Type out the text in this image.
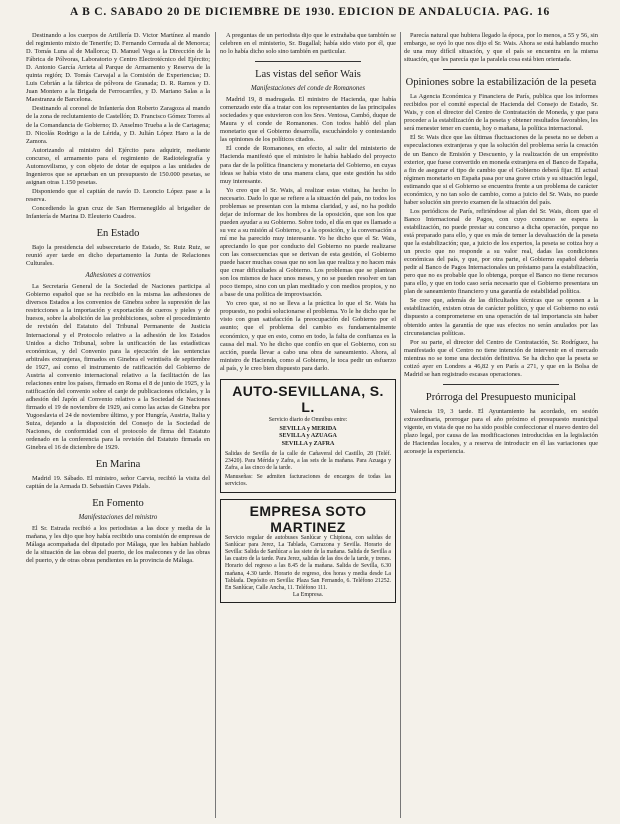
A B C. SABADO 20 DE DICIEMBRE DE 1930. EDICION DE ANDALUCIA. PAG. 16

Destinando a los cuerpos de Artillería D. Victor Martínez al mando del regimiento mixto de Tenerife; D. Fernando Cernuda al de Menorca; D. Tomás Luna al de Mallorca; D. Manuel Vega a la Dirección de la Fábrica de Pólvoras, Laboratorio y Centro Electrotécnico del Ejército; D. Antonio García Arrieta al Parque de Armamento y Reserva de la quinta región; D. Tomás Carvajal a la Comisión de Experiencias; D. Luis Cebrián a la fábrica de pólvora de Granada; D. R. Ramos y D. Juan Montero a la Brigada de Ferrocarriles, y D. Mariano Salas a la Maestranza de Barcelona.

Destinando al coronel de Infantería don Roberto Zaragoza al mando de la zona de reclutamiento de Castellón; D. Francisco Gómez Torres al de la Comandancia de Gobierno; D. Anselmo Trueba a la de Cartagena; D. Nicolás Rodrigo a la de Lérida, y D. Julián López Haro a la de Zamora.

Autorizando al ministro del Ejército para adquirir, mediante concurso, el armamento para el regimiento de Radiotelegrafía y Automovilismo, y con objeto de dotar de equipos a las unidades de Ingenieros que se aprueban en un presupuesto de 150.000 pesetas, se asignan otras 1.150 pesetas.

Disponiendo que el capitán de navío D. Leoncio López pase a la reserva.

Concediendo la gran cruz de San Hermenegildo al brigadier de Infantería de Marina D. Eleuterio Cuadros.

En Estado

Bajo la presidencia del subsecretario de Estado, Sr. Ruiz Ruiz, se reunió ayer tarde en dicho departamento la Junta de Relaciones Culturales.

Adhesiones a convenios

La Secretaría General de la Sociedad de Naciones participa al Gobierno español que se ha recibido en la misma las adhesiones de diversos Estados a los convenios de Ginebra sobre la supresión de las restricciones a la importación y exportación de cueros y pieles y de huesos, sobre la abolición de las prohibiciones, sobre el procedimiento de revisión del Estatuto del Tribunal Permanente de Justicia Internacional y el Protocolo relativo a la adhesión de los Estados Unidos a dicho Tribunal, sobre la unificación de las estadísticas económicas, y del Convenio para la ejecución de las sentencias arbitrales extranjeras, firmados en Ginebra el veintiséis de septiembre de 1927, así como el instrumento de ratificación del Gobierno de Austria al convenio internacional relativo a la facilitación de las relaciones entre los países, firmado en Roma el 8 de junio de 1925, y la ratificación del convenio sobre el canje de publicaciones oficiales, y la adhesión del Japón al Convenio relativo a la Sociedad de Naciones firmado el 19 de noviembre de 1929, así como las actas de Ginebra por Yugoeslavia el 24 de noviembre último, y por Hungría, Austria, Italia y Suiza, dejando a la disposición del Consejo de la Sociedad de Naciones, de conformidad con el protocolo de firma del Estatuto ordenado en la conferencia para la revisión del Estatuto firmada en Ginebra el 16 de diciembre de 1929.

En Marina

Madrid 19. Sábado. El ministro, señor Carvia, recibió la visita del capitán de la Armada D. Sebastián Caves Pidals.

En Fomento
Manifestaciones del ministro

El Sr. Estrada recibió a los periodistas a las doce y media de la mañana, y les dijo que hoy había recibido una comisión de empresas de Málaga acompañada del diputado por Málaga, que les habían hablado de la situación de las obras del puerto, de los malecones y de las obras del puerto, y de otras obras pendientes en la provincia de Málaga.

A preguntas de un periodista dijo que le extrañaba que también se celebren en el ministerio, Sr. Bugallal; había sido visto por él, que no lo había dicho solo sino también en particular.

Las vistas del señor Wais
Manifestaciones del conde de Romanones

Madrid 19, 8 madrugada. El ministro de Hacienda, que había comenzado este día a tratar con los representantes de las principales sociedades y que estuvieron con los Sres. Ventosa, Cambó, duque de Maura y el conde de Romanones. Con todos habló del plan monetario que el Gobierno desarrolla, escuchándolo y contestando las opiniones de los políticos citados.

El conde de Romanones, en efecto, al salir del ministerio de Hacienda manifestó que el ministro le había hablado del proyecto para dar de la política financiera y monetaria del Gobierno, en cuyas ideas se había visto de una manera clara, que este gestión ha sido muy interesante.

Yo creo que el Sr. Wais, al realizar estas visitas, ha hecho lo necesario. Dado lo que se refiere a la situación del país, no todos los problemas se presentan con la misma claridad, y así, no ha podido dejar de informar de los hombres de la oposición, que son los que pueden ayudar a su Gobierno. Sobre todo, el día en que es llamado a su vez a su misión al Gobierno, o a la oposición, y la conversación a mí me ha parecido muy interesante. Yo he dicho que el Sr. Wais, apreciando lo que por conducto del Gobierno no puede realizarse con las consecuencias que se derivan de esta gestión, el Gobierno puede hacer muchas cosas que no son las que realiza y no hacen más que crear dificultades al Gobierno. Los problemas que se plantean son los mismos de hace unos meses, y no se pueden resolver en tan poco tiempo, sino con un plan meditado y con medios propios, y no a base de una política de improvisación.

Yo creo que, si no se lleva a la práctica lo que el Sr. Wais ha propuesto, no podrá solucionarse el problema. Yo le he dicho que he visto con gran satisfacción la preocupación del Gobierno por el asunto; que el problema del cambio es fundamentalmente económico, y que en esto, como en todo, la falta de confianza es la causa del mal. Yo he dicho que confío en que el Gobierno, con su acción, pueda llevar a cabo una obra de saneamiento. Ahora, al ministro de Hacienda, como al Gobierno, le toca pedir un esfuerzo al país, y le creo bien dispuesto para darlo.

AUTO-SEVILLANA, S. L.
Servicio diario de Omnibus entre:
SEVILLA y MERIDA
SEVILLA y AZUAGA
SEVILLA y ZAFRA
Salidas de Sevilla de la calle de Cañaveral del Castillo, 28 (Teléf. 23420). Para Mérida y Zafra, a las seis de la mañana. Para Azuaga y Zafra, a las cinco de la tarde.
Manuseñas: Se admiten facturaciones de encargos de todas las servicios.
EMPRESA SOTO MARTINEZ
Servicio regular de autobuses Sanlúcar y Chipiona, con salidas de Sanlúcar para Jerez, La Tablada, Carrazona y Sevilla. Horario de Sevilla: Salida de Sanlúcar a las siete de la mañana. Salida de Sevilla a las cuatro de la tarde. Para Jerez, salidas de las dos de la tarde, y trenes. Horario del regreso a las 8.45 de la mañana. Salida de Sevilla, 6.30 mañana, 4.30 tarde. Horario de regreso, dos horas y media desde La Tablada. Depósito en Sevilla: Plaza San Fernando, 6. Teléfono 21252. En Sanlúcar, Calle Ancha, 11. Teléfono 111.
La Empresa.

Parecía natural que hubiera llegado la época, por lo menos, a 55 y 56, sin embargo, se oyó lo que nos dijo el Sr. Wais. Ahora se está hablando mucho de una muy difícil situación, y que el país se encuentra en la misma situación, que les parecía que la paralela cosa está bien orientada.

Opiniones sobre la estabilización de la peseta

La Agencia Económica y Financiera de París, publica que los informes recibidos por el comité especial de Hacienda del Consejo de Estado, Sr. Wais, y con el director del Centro de Contratación de Moneda, y que para proceder a la estabilización de la peseta y obtener resultados favorables, les será menester tener en cuenta, hoy o mañana, la política internacional.

El Sr. Wais dice que las últimas fluctuaciones de la peseta no se deben a especulaciones extranjeras y que la solución del problema sería la creación de un Banco de Emisión y Descuento, y la realización de un empréstito exterior, que fuese convertido en moneda extranjera en el Banco de España, a fin de asegurar el tipo de cambio que el Gobierno deberá fijar. El actual régimen monetario en España pasa por una grave crisis y su situación legal, estimando que si el Gobierno se encuentra frente a un problema de carácter económico, y no tan solo de cambio, como a juicio del Sr. Wais, no puede haber solución sin previo examen de la situación del país.

Los periódicos de París, refiriéndose al plan del Sr. Wais, dicen que el Banco Internacional de Pagos, con cuyo concurso se espera la estabilización, no puede prestar su concurso a dicha operación, porque no está preparado para ello, y que es más de temer la devaluación de la peseta que la estabilización; que, a juicio de los expertos, la peseta se cotiza hoy a un precio que no responde a su valor real, dadas las condiciones económicas del país, y que, por otra parte, el Gobierno español debería pedir al Banco de Pagos Internacionales un préstamo para la estabilización, pero que no es probable que lo obtenga, porque el Banco no tiene recursos para ello, y que en todo caso sería necesario que el Gobierno presentara un plan de saneamiento financiero y una garantía de estabilidad política.

Se cree que, además de las dificultades técnicas que se oponen a la estabilización, existen otras de carácter político, y que el Gobierno no está dispuesto a comprometerse en una operación de tal importancia sin haber obtenido antes la garantía de que sus efectos no serán anulados por las circunstancias políticas.

Por su parte, el director del Centro de Contratación, Sr. Rodríguez, ha manifestado que el Centro no tiene intención de intervenir en el mercado mientras no se tome una decisión definitiva. Se ha dicho que la peseta se cotizó ayer en Londres a 46,82 y en París a 271, y que en la Bolsa de Madrid se han registrado escasas operaciones.

Prórroga del Presupuesto municipal

Valencia 19, 3 tarde. El Ayuntamiento ha acordado, en sesión extraordinaria, prorrogar para el año próximo el presupuesto municipal vigente, en vista de que no ha sido posible confeccionar el nuevo dentro del plazo legal, por causa de las modificaciones introducidas en la legislación de Haciendas locales, y a reserva de introducir en él las variaciones que aconseje la experiencia.
